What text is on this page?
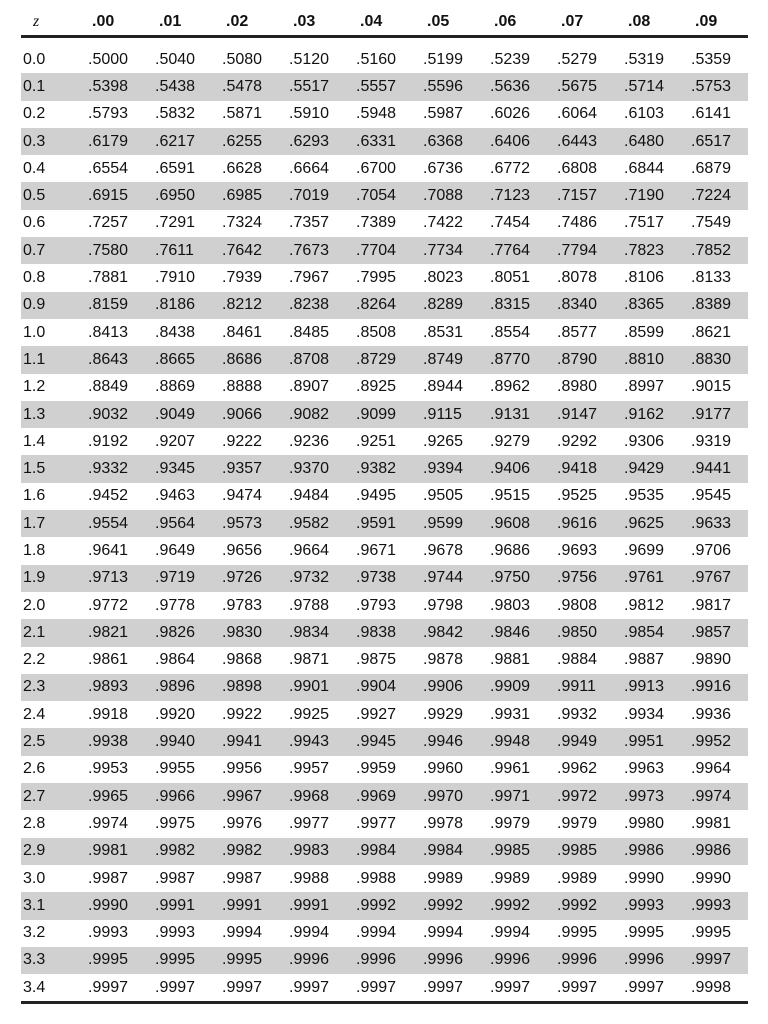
z	.00	.01	.02	.03	.04	.05	.06	.07	.08	.09

0.0	.5000	.5040	.5080	.5120	.5160	.5199	.5239	.5279	.5319	.5359
0.1	.5398	.5438	.5478	.5517	.5557	.5596	.5636	.5675	.5714	.5753
0.2	.5793	.5832	.5871	.5910	.5948	.5987	.6026	.6064	.6103	.6141
0.3	.6179	.6217	.6255	.6293	.6331	.6368	.6406	.6443	.6480	.6517
0.4	.6554	.6591	.6628	.6664	.6700	.6736	.6772	.6808	.6844	.6879
0.5	.6915	.6950	.6985	.7019	.7054	.7088	.7123	.7157	.7190	.7224
0.6	.7257	.7291	.7324	.7357	.7389	.7422	.7454	.7486	.7517	.7549
0.7	.7580	.7611	.7642	.7673	.7704	.7734	.7764	.7794	.7823	.7852
0.8	.7881	.7910	.7939	.7967	.7995	.8023	.8051	.8078	.8106	.8133
0.9	.8159	.8186	.8212	.8238	.8264	.8289	.8315	.8340	.8365	.8389
1.0	.8413	.8438	.8461	.8485	.8508	.8531	.8554	.8577	.8599	.8621
1.1	.8643	.8665	.8686	.8708	.8729	.8749	.8770	.8790	.8810	.8830
1.2	.8849	.8869	.8888	.8907	.8925	.8944	.8962	.8980	.8997	.9015
1.3	.9032	.9049	.9066	.9082	.9099	.9115	.9131	.9147	.9162	.9177
1.4	.9192	.9207	.9222	.9236	.9251	.9265	.9279	.9292	.9306	.9319
1.5	.9332	.9345	.9357	.9370	.9382	.9394	.9406	.9418	.9429	.9441
1.6	.9452	.9463	.9474	.9484	.9495	.9505	.9515	.9525	.9535	.9545
1.7	.9554	.9564	.9573	.9582	.9591	.9599	.9608	.9616	.9625	.9633
1.8	.9641	.9649	.9656	.9664	.9671	.9678	.9686	.9693	.9699	.9706
1.9	.9713	.9719	.9726	.9732	.9738	.9744	.9750	.9756	.9761	.9767
2.0	.9772	.9778	.9783	.9788	.9793	.9798	.9803	.9808	.9812	.9817
2.1	.9821	.9826	.9830	.9834	.9838	.9842	.9846	.9850	.9854	.9857
2.2	.9861	.9864	.9868	.9871	.9875	.9878	.9881	.9884	.9887	.9890
2.3	.9893	.9896	.9898	.9901	.9904	.9906	.9909	.9911	.9913	.9916
2.4	.9918	.9920	.9922	.9925	.9927	.9929	.9931	.9932	.9934	.9936
2.5	.9938	.9940	.9941	.9943	.9945	.9946	.9948	.9949	.9951	.9952
2.6	.9953	.9955	.9956	.9957	.9959	.9960	.9961	.9962	.9963	.9964
2.7	.9965	.9966	.9967	.9968	.9969	.9970	.9971	.9972	.9973	.9974
2.8	.9974	.9975	.9976	.9977	.9977	.9978	.9979	.9979	.9980	.9981
2.9	.9981	.9982	.9982	.9983	.9984	.9984	.9985	.9985	.9986	.9986
3.0	.9987	.9987	.9987	.9988	.9988	.9989	.9989	.9989	.9990	.9990
3.1	.9990	.9991	.9991	.9991	.9992	.9992	.9992	.9992	.9993	.9993
3.2	.9993	.9993	.9994	.9994	.9994	.9994	.9994	.9995	.9995	.9995
3.3	.9995	.9995	.9995	.9996	.9996	.9996	.9996	.9996	.9996	.9997
3.4	.9997	.9997	.9997	.9997	.9997	.9997	.9997	.9997	.9997	.9998
